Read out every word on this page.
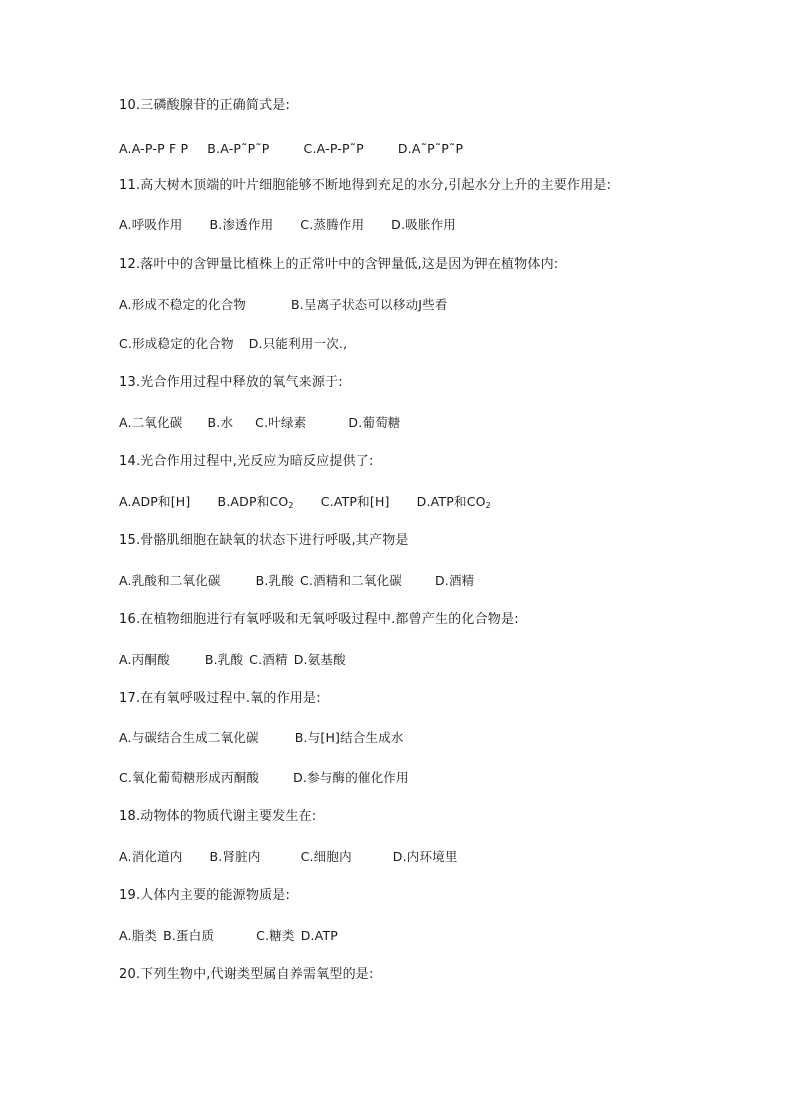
10.三磷酸腺苷的正确简式是:
A.A-P-P F P B.A-P˜P˜P	C.A-P-P˜P	D.A˜P˜P˜P
11.高大树木顶端的叶片细胞能够不断地得到充足的水分,引起水分上升的主要作用是:
A.呼吸作用 B.渗透作用 C.蒸腾作用 D.吸胀作用
12.落叶中的含钾量比植株上的正常叶中的含钾量低,这是因为钾在植物体内:
A.形成不稳定的化合物	B.呈离子状态可以移动J些看
C.形成稳定的化合物 D.只能利用一次.,
13.光合作用过程中释放的氧气来源于:
A.二氧化碳 B.水 C.叶绿素	D.葡萄糖
14.光合作用过程中,光反应为暗反应提供了:
A.ADP和[H] B.ADP和$CO_2$ C.ATP和[H] D.ATP和$CO_2$
15.骨骼肌细胞在缺氧的状态下进行呼吸,其产物是
A.乳酸和二氧化碳	B.乳酸 C.酒精和二氧化碳	D.酒精
16.在植物细胞进行有氧呼吸和无氧呼吸过程中.都曾产生的化合物是:
A.丙酮酸	B.乳酸 C.酒精 D.氨基酸
17.在有氧呼吸过程中.氧的作用是:
A.与碳结合生成二氧化碳	B.与[H]结合生成水
C.氧化葡萄糖形成丙酮酸	D.参与酶的催化作用
18.动物体的物质代谢主要发生在:
A.消化道内 B.肾脏内	C.细胞内	D.内环境里
19.人体内主要的能源物质是:
A.脂类 B.蛋白质	C.糖类 D.ATP
20.下列生物中,代谢类型属自养需氧型的是:
